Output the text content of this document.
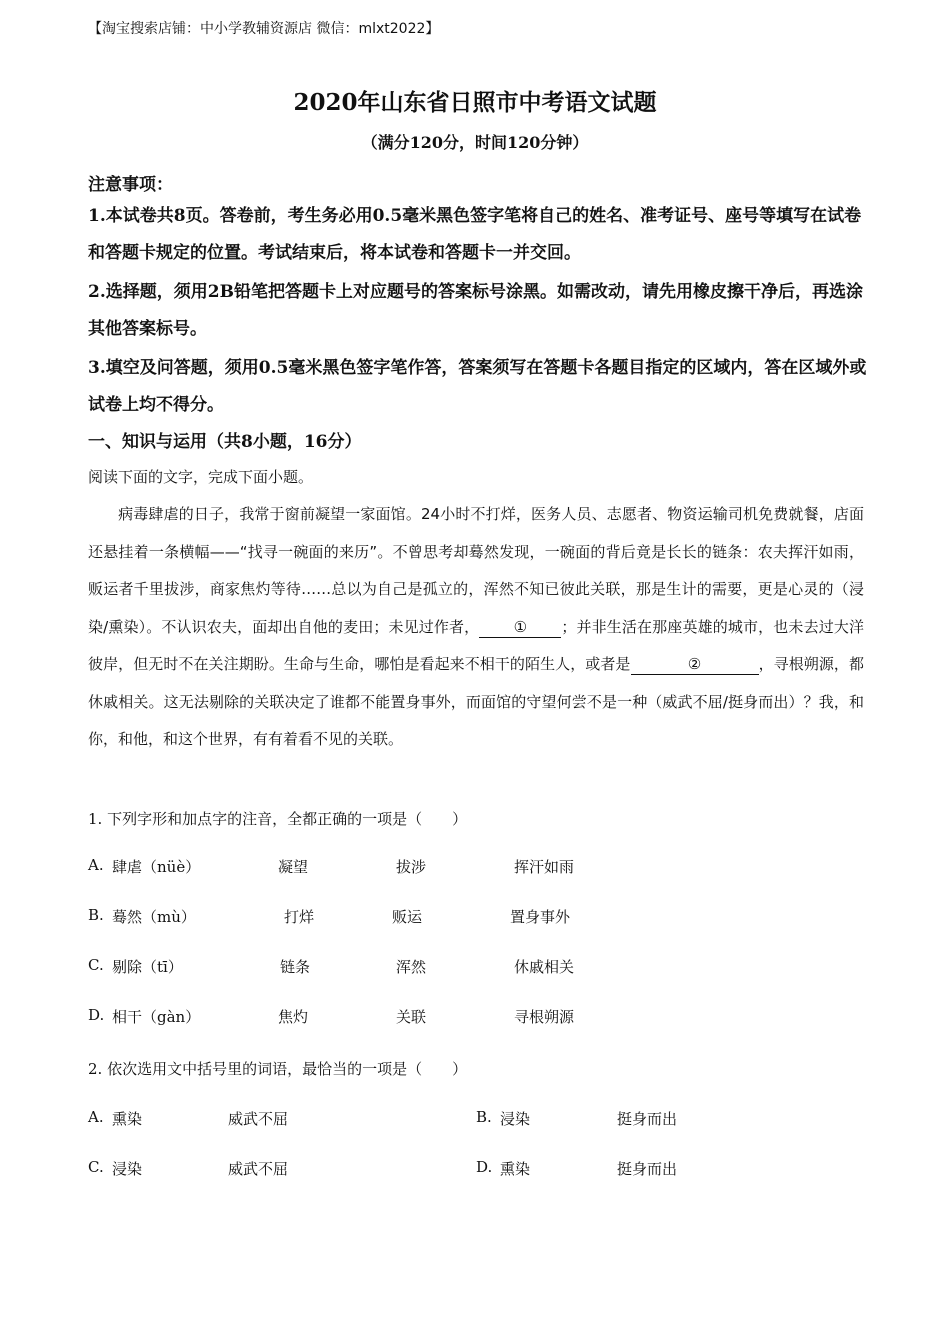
【淘宝搜索店铺：中小学教辅资源店 微信：mlxt2022】
2020年山东省日照市中考语文试题
（满分120分，时间120分钟）
注意事项：
1.本试卷共8页。答卷前，考生务必用0.5毫米黑色签字笔将自己的姓名、准考证号、座号等填写在试卷和答题卡规定的位置。考试结束后，将本试卷和答题卡一并交回。
2.选择题，须用2B铅笔把答题卡上对应题号的答案标号涂黑。如需改动，请先用橡皮擦干净后，再选涂其他答案标号。
3.填空及问答题，须用0.5毫米黑色签字笔作答，答案须写在答题卡各题目指定的区域内，答在区域外或试卷上均不得分。
一、知识与运用（共8小题，16分）
阅读下面的文字，完成下面小题。
病毒肆虐的日子，我常于窗前凝望一家面馆。24小时不打烊，医务人员、志愿者、物资运输司机免费就餐，店面还悬挂着一条横幅——“找寻一碗面的来历”。不曾思考却蓦然发现，一碗面的背后竟是长长的链条：农夫挥汗如雨，贩运者千里拔涉，商家焦灼等待……总以为自己是孤立的，浑然不知已彼此关联，那是生计的需要，更是心灵的（浸染/熏染）。不认识农夫，面却出自他的麦田；未见过作者， ① ；并非生活在那座英雄的城市，也未去过大洋彼岸，但无时不在关注期盼。生命与生命，哪怕是看起来不相干的陌生人，或者是	②	，寻根朔源，都休戚相关。这无法剔除的关联决定了谁都不能置身事外，而面馆的守望何尝不是一种（威武不屈/挺身而出）？我，和你，和他，和这个世界，有有着看不见的关联。
1. 下列字形和加点字的注音，全都正确的一项是（　　）
A. 肆虐（nüè）	凝望	拔涉	挥汗如雨
B. 蓦然（mù）	打烊	贩运	置身事外
C. 剔除（tī）	链条	浑然	休戚相关
D. 相干（gàn）	焦灼	关联	寻根朔源
2. 依次选用文中括号里的词语，最恰当的一项是（　　）
A. 熏染	威武不屈	B. 浸染	挺身而出
C. 浸染	威武不屈	D. 熏染	挺身而出
